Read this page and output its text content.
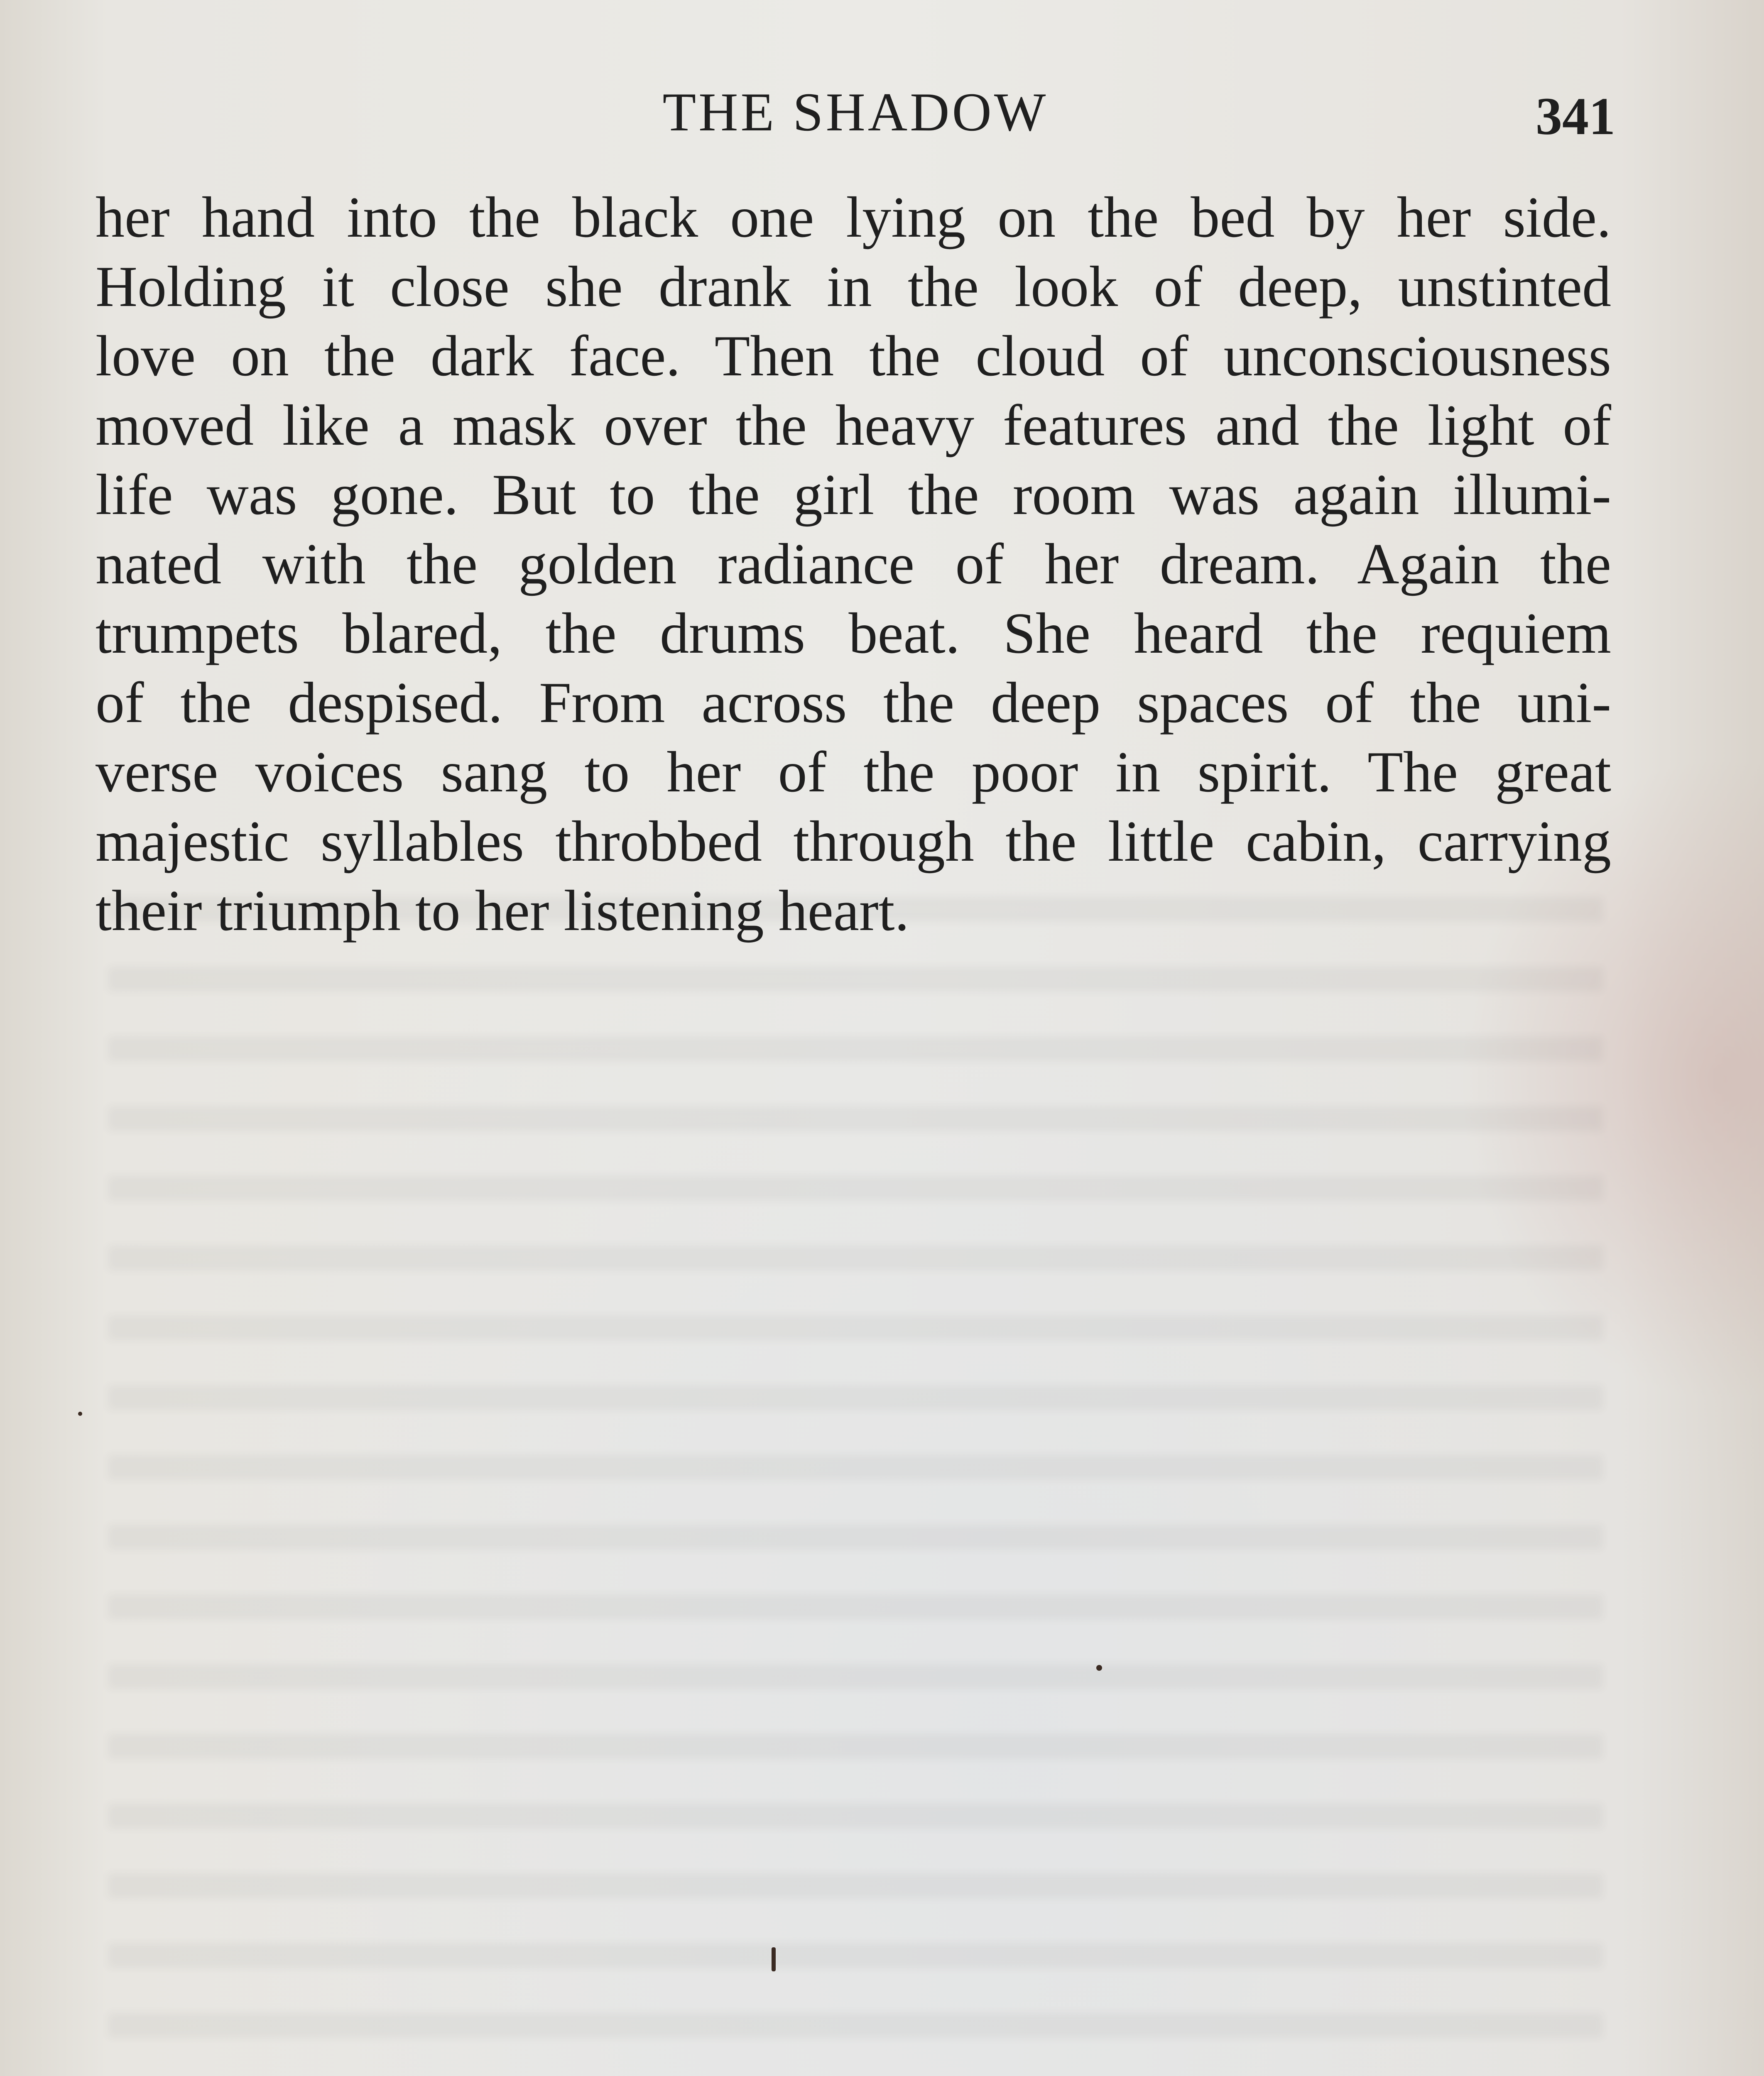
THE SHADOW	341
her hand into the black one lying on the bed by her side.
Holding it close she drank in the look of deep, unstinted
love on the dark face. Then the cloud of unconsciousness
moved like a mask over the heavy features and the light of
life was gone. But to the girl the room was again illumi-
nated with the golden radiance of her dream. Again the
trumpets blared, the drums beat. She heard the requiem
of the despised. From across the deep spaces of the uni-
verse voices sang to her of the poor in spirit. The great
majestic syllables throbbed through the little cabin, carrying
their triumph to her listening heart.
